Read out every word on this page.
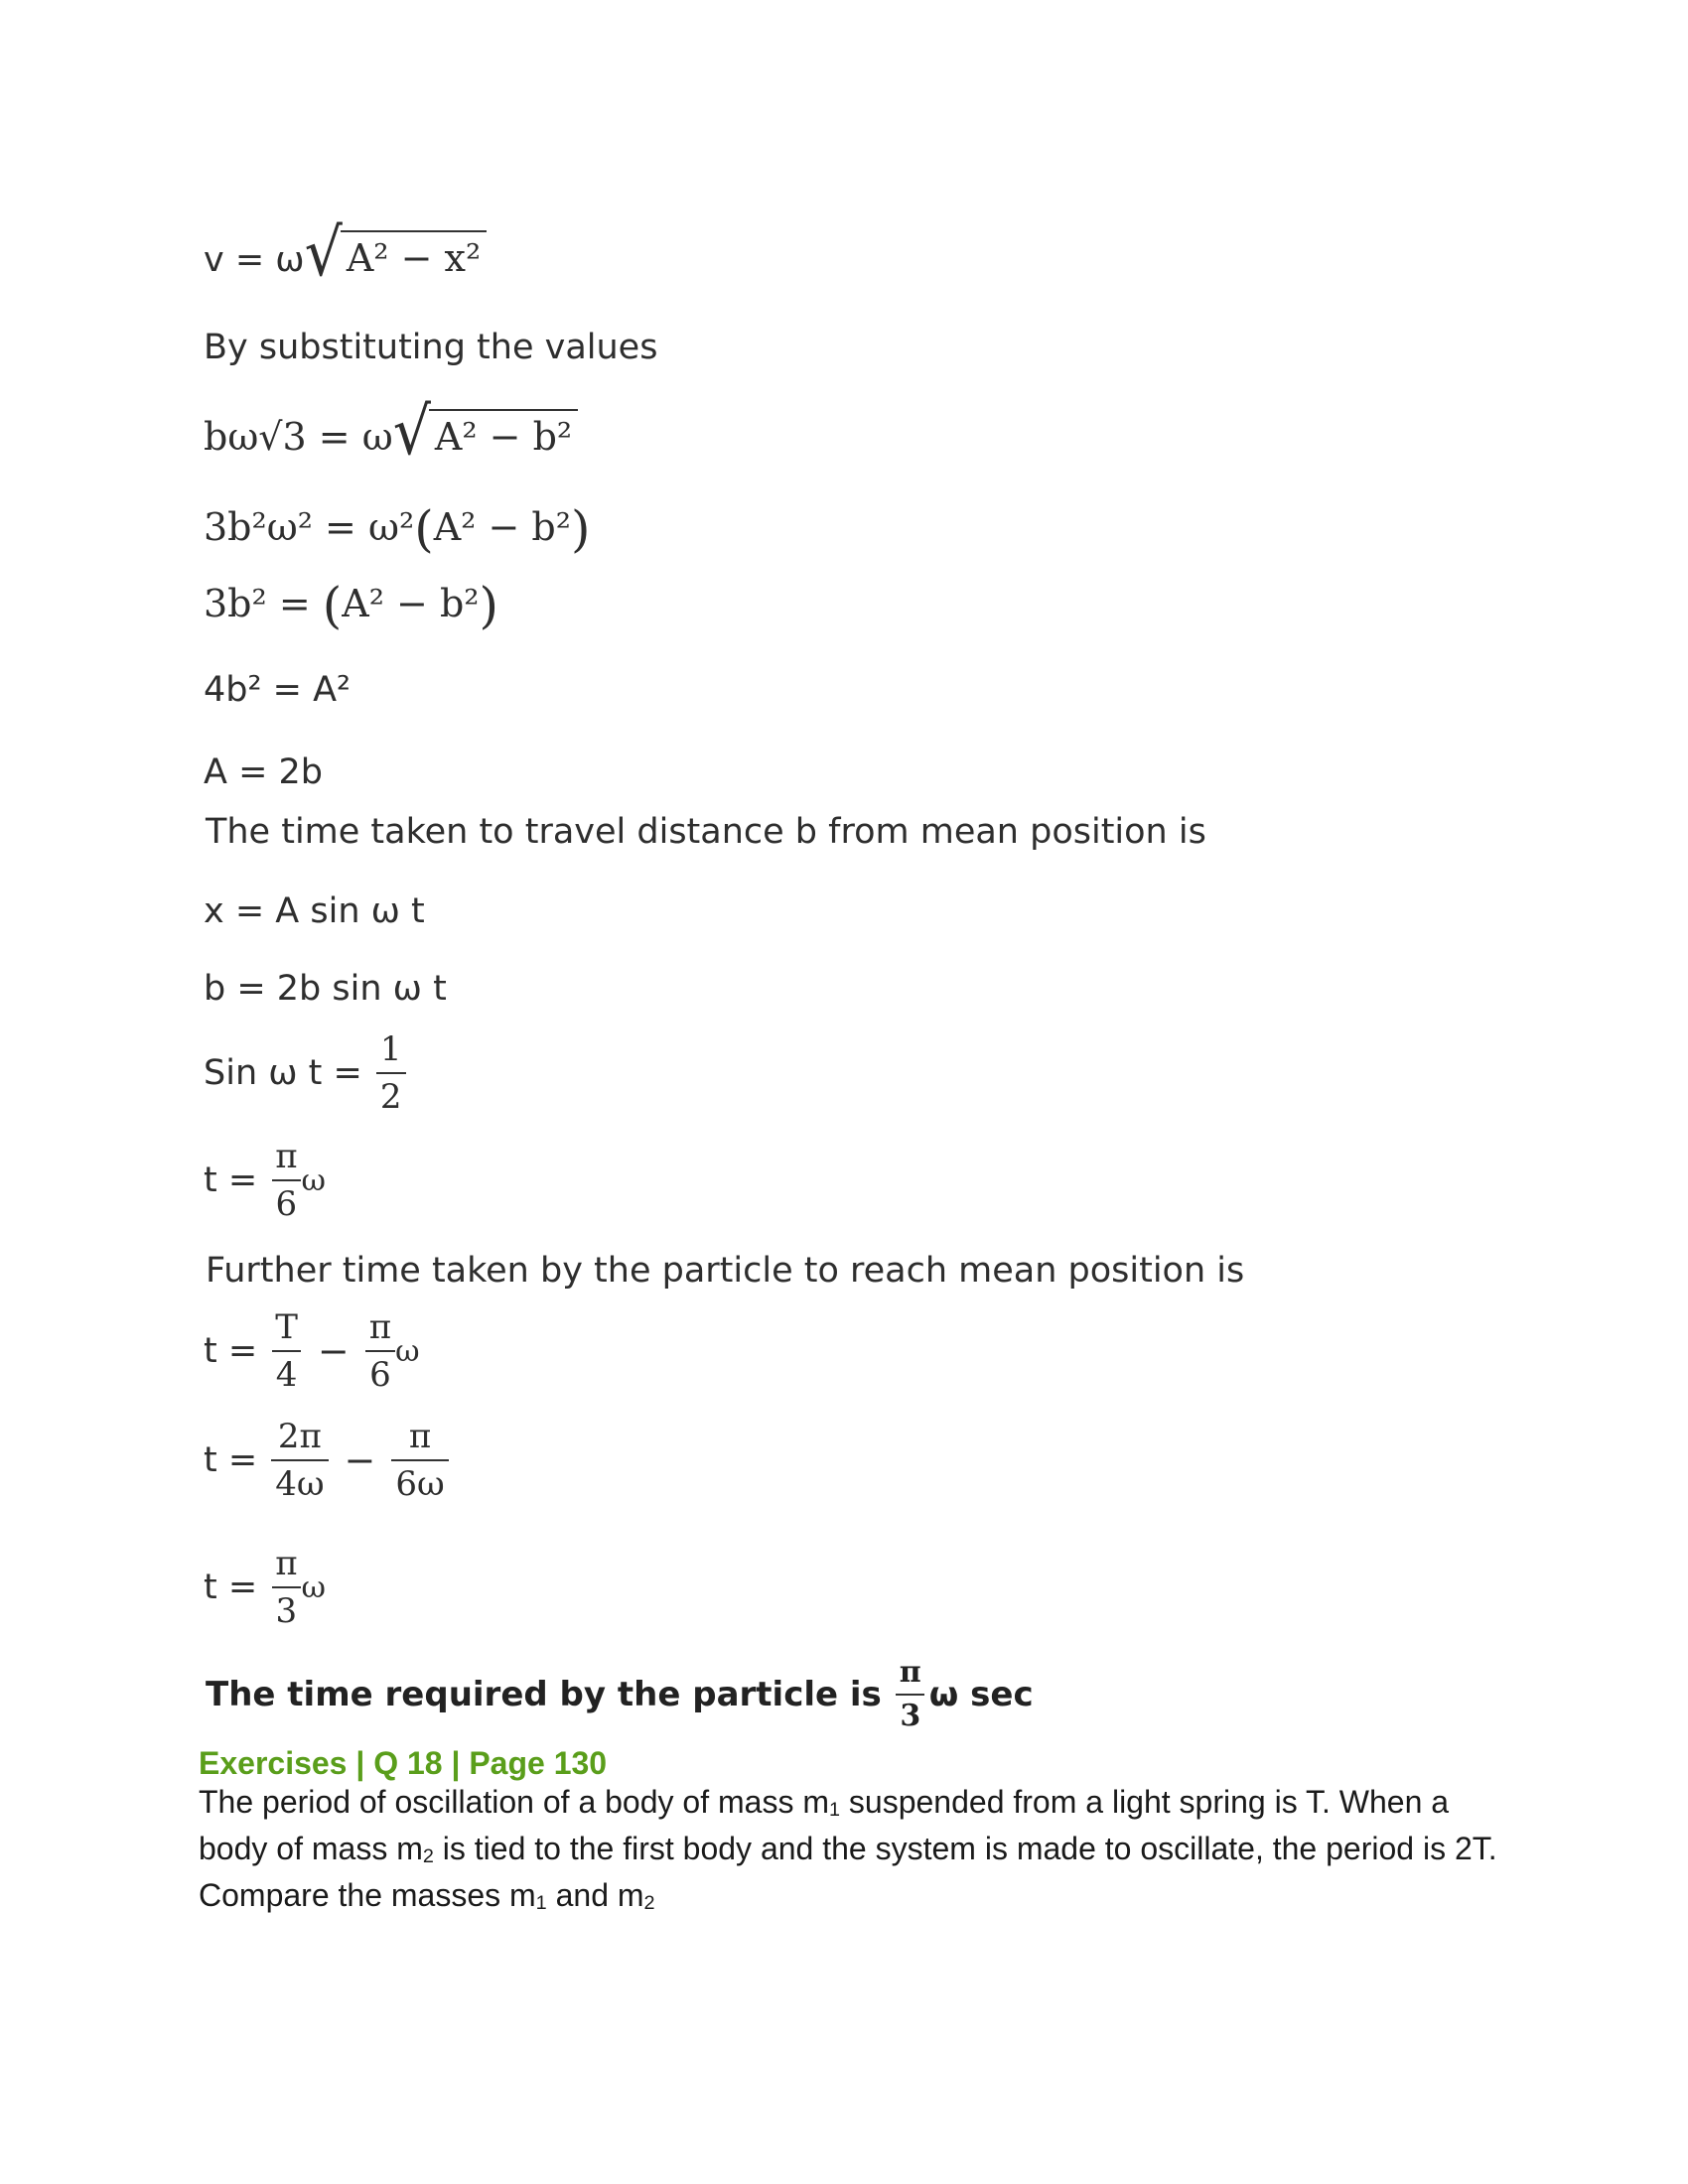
v = ω √ A² − x²
By substituting the values
bω√3 = ω √ A² − b²
3b²ω² = ω²(A² − b²)
3b² = (A² − b²)
4b² = A²
A = 2b
The time taken to travel distance b from mean position is
x = A sin ω t
b = 2b sin ω t
Sin ω $t = \frac{1}{2}$
$t = \frac{\pi}{6}$ ω
Further time taken by the particle to reach mean position is
$t = \frac{T}{4} - \frac{\pi}{6}$ ω
$t = \frac{2\pi}{4\omega} - \frac{\pi}{6\omega}$
$t = \frac{\pi}{3}$ ω
The time required by the particle is $\frac{\pi}{3}$ ω sec
Exercises | Q 18 | Page 130
The period of oscillation of a body of mass m1 suspended from a light spring is T. When a body of mass m2 is tied to the first body and the system is made to oscillate, the period is 2T. Compare the masses m1 and m2
